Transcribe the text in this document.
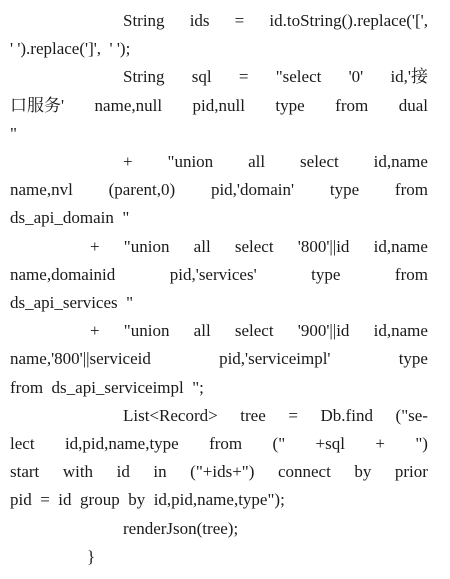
String ids = id.toString().replace('[',
' ').replace(']',  ' ');
String sql = "select '0' id,'接
口服务' name,null pid,null type from dual
"
+ "union all select id,name
name,nvl (parent,0) pid,'domain' type from
ds_api_domain  "
+ "union all select '800'||id id,name
name,domainid	pid,'services'	type	from
ds_api_services  "
+ "union all select '900'||id id,name
name,'800'||serviceid	pid,'serviceimpl'	type
from  ds_api_serviceimpl  ";
List<Record> tree = Db.find ("se-
lect id,pid,name,type from (" +sql + ")
start with id in ("+ids+") connect by prior
pid  =  id  group  by  id,pid,name,type");
renderJson(tree);
}
